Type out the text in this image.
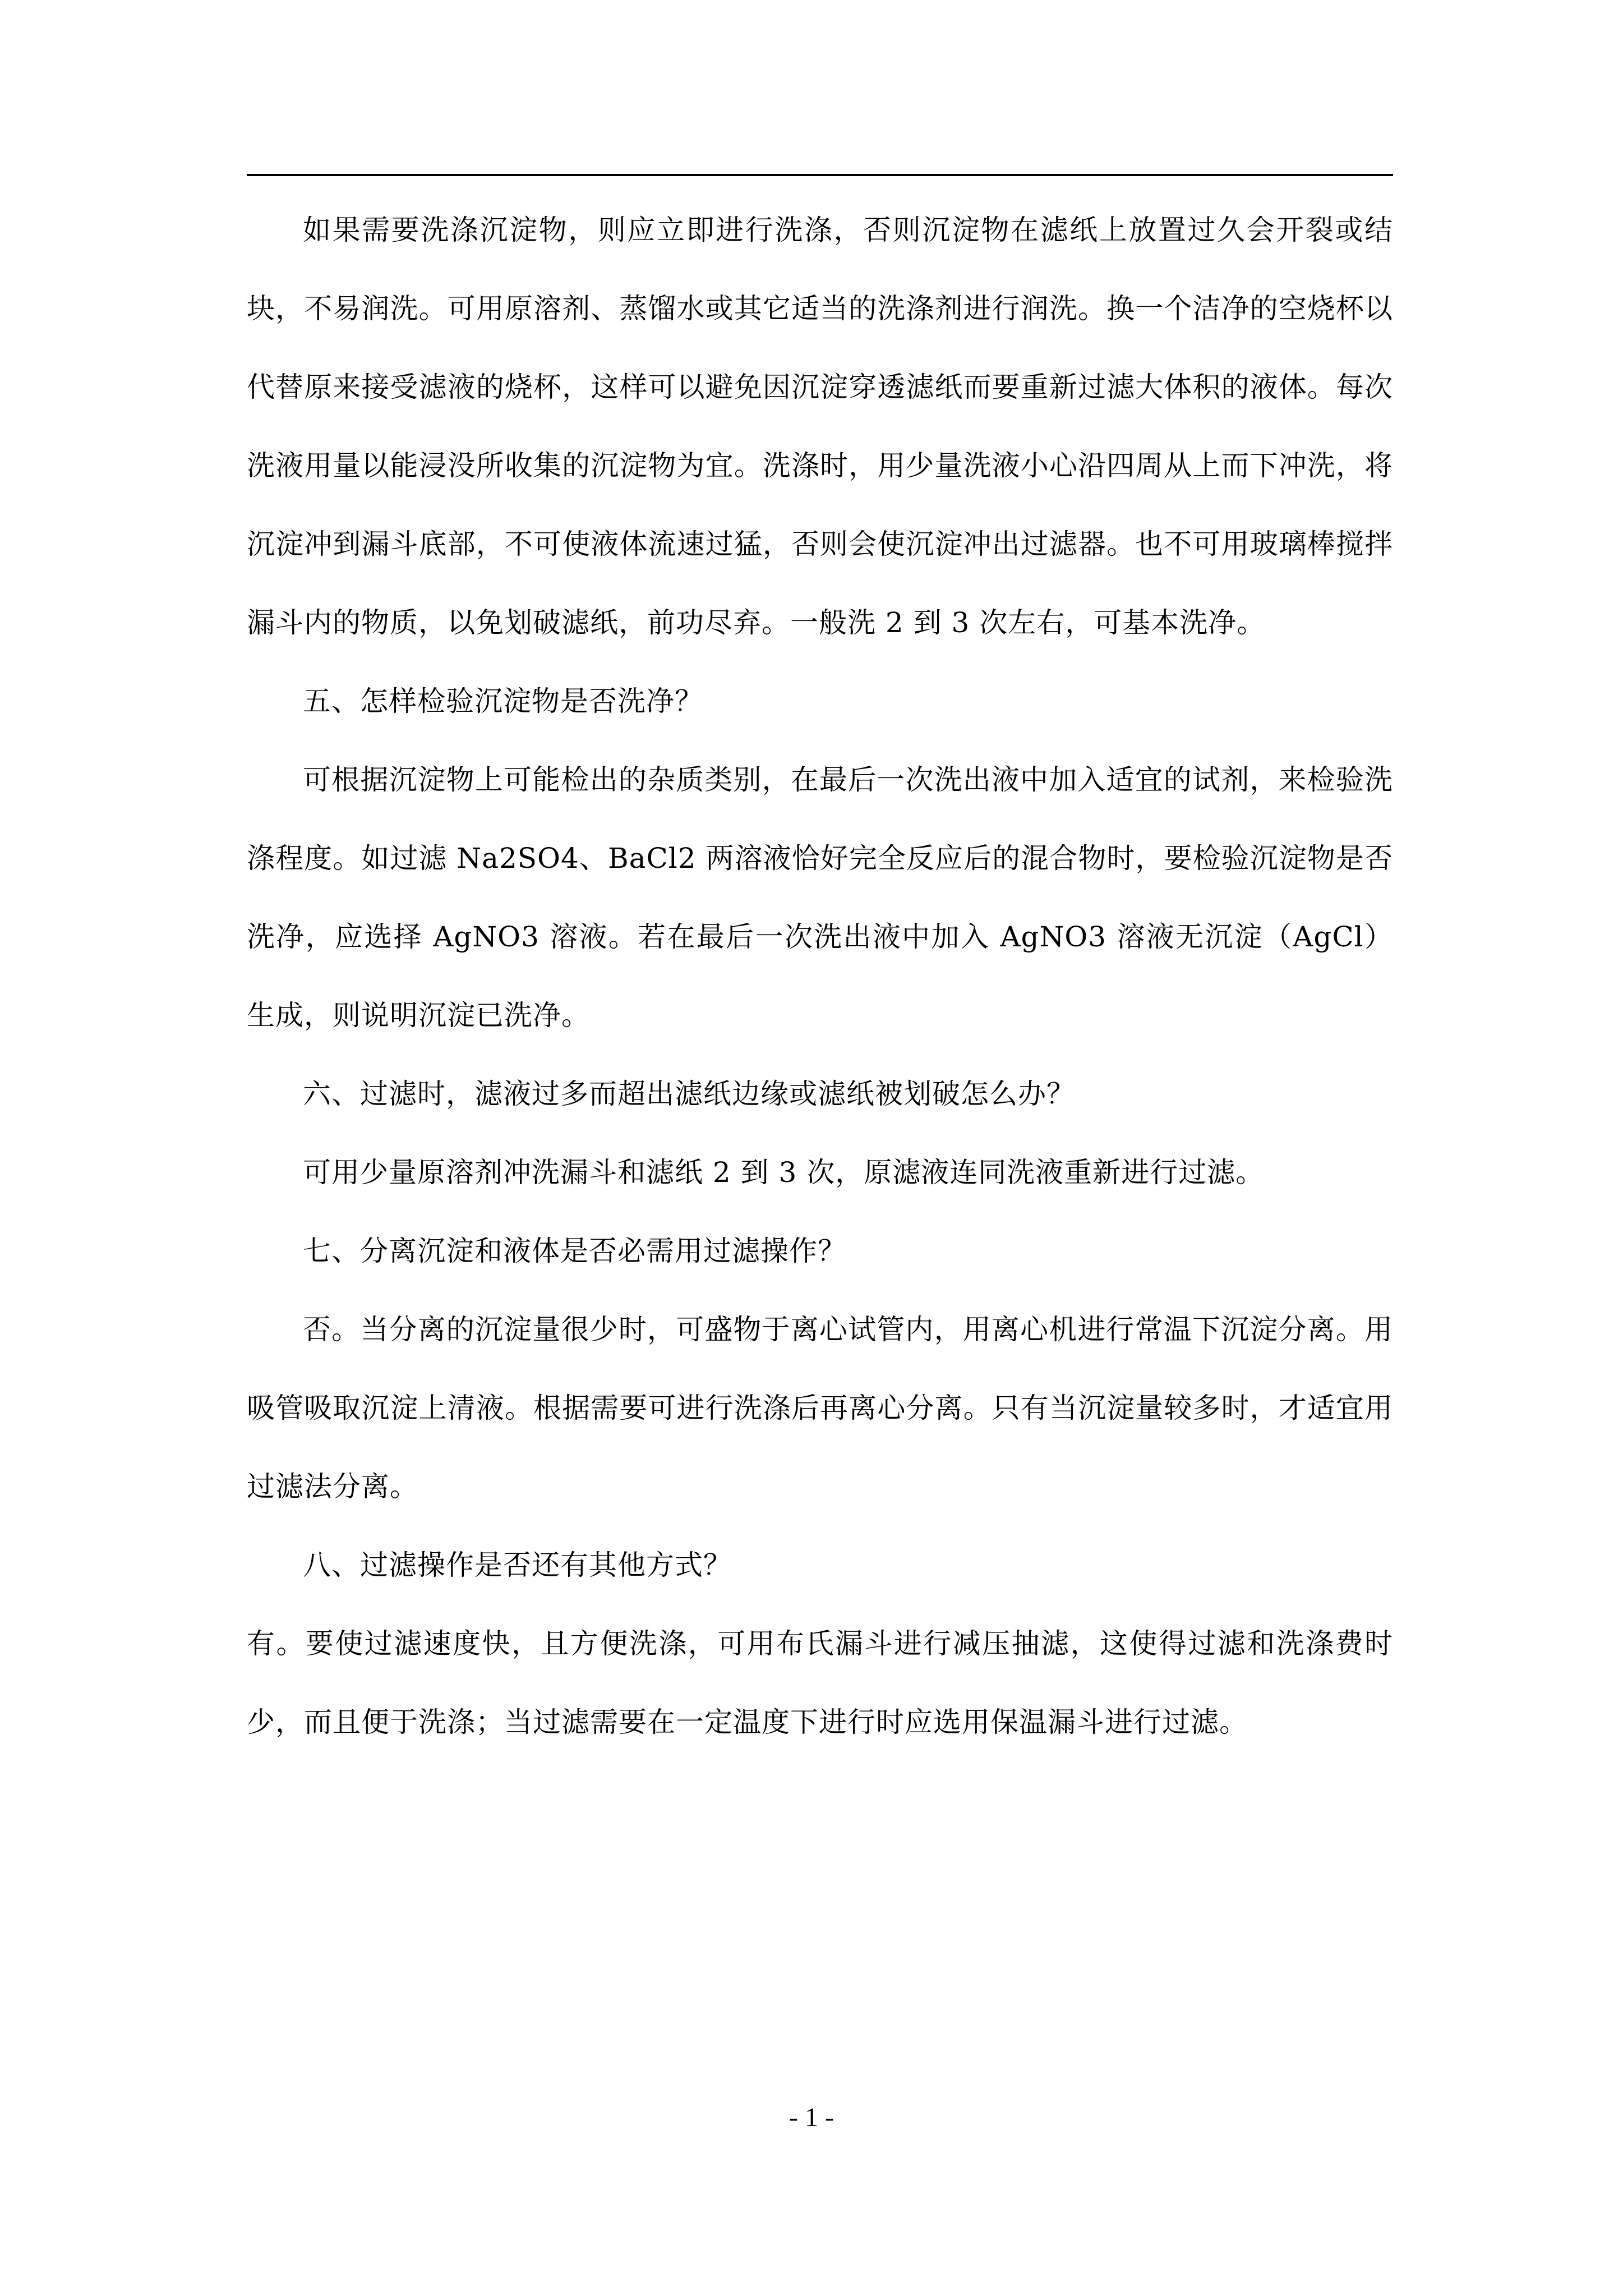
如果需要洗涤沉淀物，则应立即进行洗涤，否则沉淀物在滤纸上放置过久会开裂或结块，不易润洗。可用原溶剂、蒸馏水或其它适当的洗涤剂进行润洗。换一个洁净的空烧杯以代替原来接受滤液的烧杯，这样可以避免因沉淀穿透滤纸而要重新过滤大体积的液体。每次洗液用量以能浸没所收集的沉淀物为宜。洗涤时，用少量洗液小心沿四周从上而下冲洗，将沉淀冲到漏斗底部，不可使液体流速过猛，否则会使沉淀冲出过滤器。也不可用玻璃棒搅拌漏斗内的物质，以免划破滤纸，前功尽弃。一般洗 2 到 3 次左右，可基本洗净。

五、怎样检验沉淀物是否洗净？

可根据沉淀物上可能检出的杂质类别，在最后一次洗出液中加入适宜的试剂，来检验洗涤程度。如过滤 Na2SO4、BaCl2 两溶液恰好完全反应后的混合物时，要检验沉淀物是否洗净，应选择 AgNO3 溶液。若在最后一次洗出液中加入 AgNO3 溶液无沉淀（AgCl）生成，则说明沉淀已洗净。

六、过滤时，滤液过多而超出滤纸边缘或滤纸被划破怎么办？

可用少量原溶剂冲洗漏斗和滤纸 2 到 3 次，原滤液连同洗液重新进行过滤。

七、分离沉淀和液体是否必需用过滤操作？

否。当分离的沉淀量很少时，可盛物于离心试管内，用离心机进行常温下沉淀分离。用吸管吸取沉淀上清液。根据需要可进行洗涤后再离心分离。只有当沉淀量较多时，才适宜用过滤法分离。

八、过滤操作是否还有其他方式？

有。要使过滤速度快，且方便洗涤，可用布氏漏斗进行减压抽滤，这使得过滤和洗涤费时少，而且便于洗涤；当过滤需要在一定温度下进行时应选用保温漏斗进行过滤。

- 1 -
